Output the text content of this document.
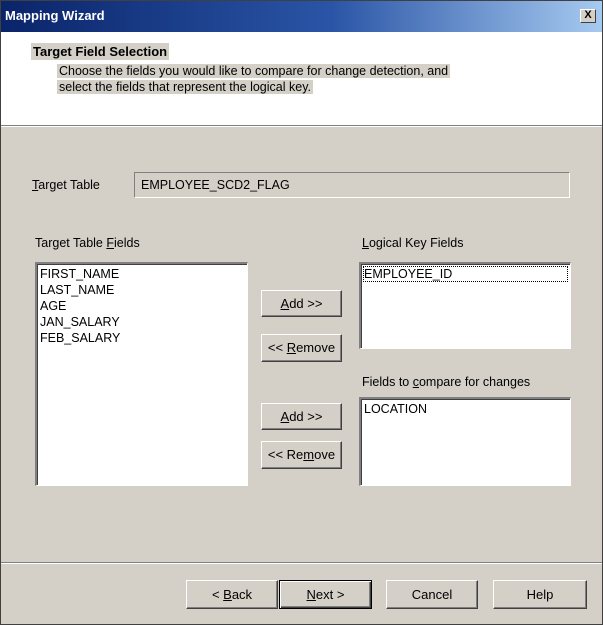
Mapping Wizard	X
Target Field Selection
Choose the fields you would like to compare for change detection, and
select the fields that represent the logical key.
Target Table	EMPLOYEE_SCD2_FLAG
Target Table Fields
FIRST_NAME
LAST_NAME
AGE
JAN_SALARY
FEB_SALARY
Logical Key Fields
EMPLOYEE_ID
Fields to compare for changes
LOCATION
Add >>
<< Remove
Add >>
<< Remove
< Back	Next >	Cancel	Help
